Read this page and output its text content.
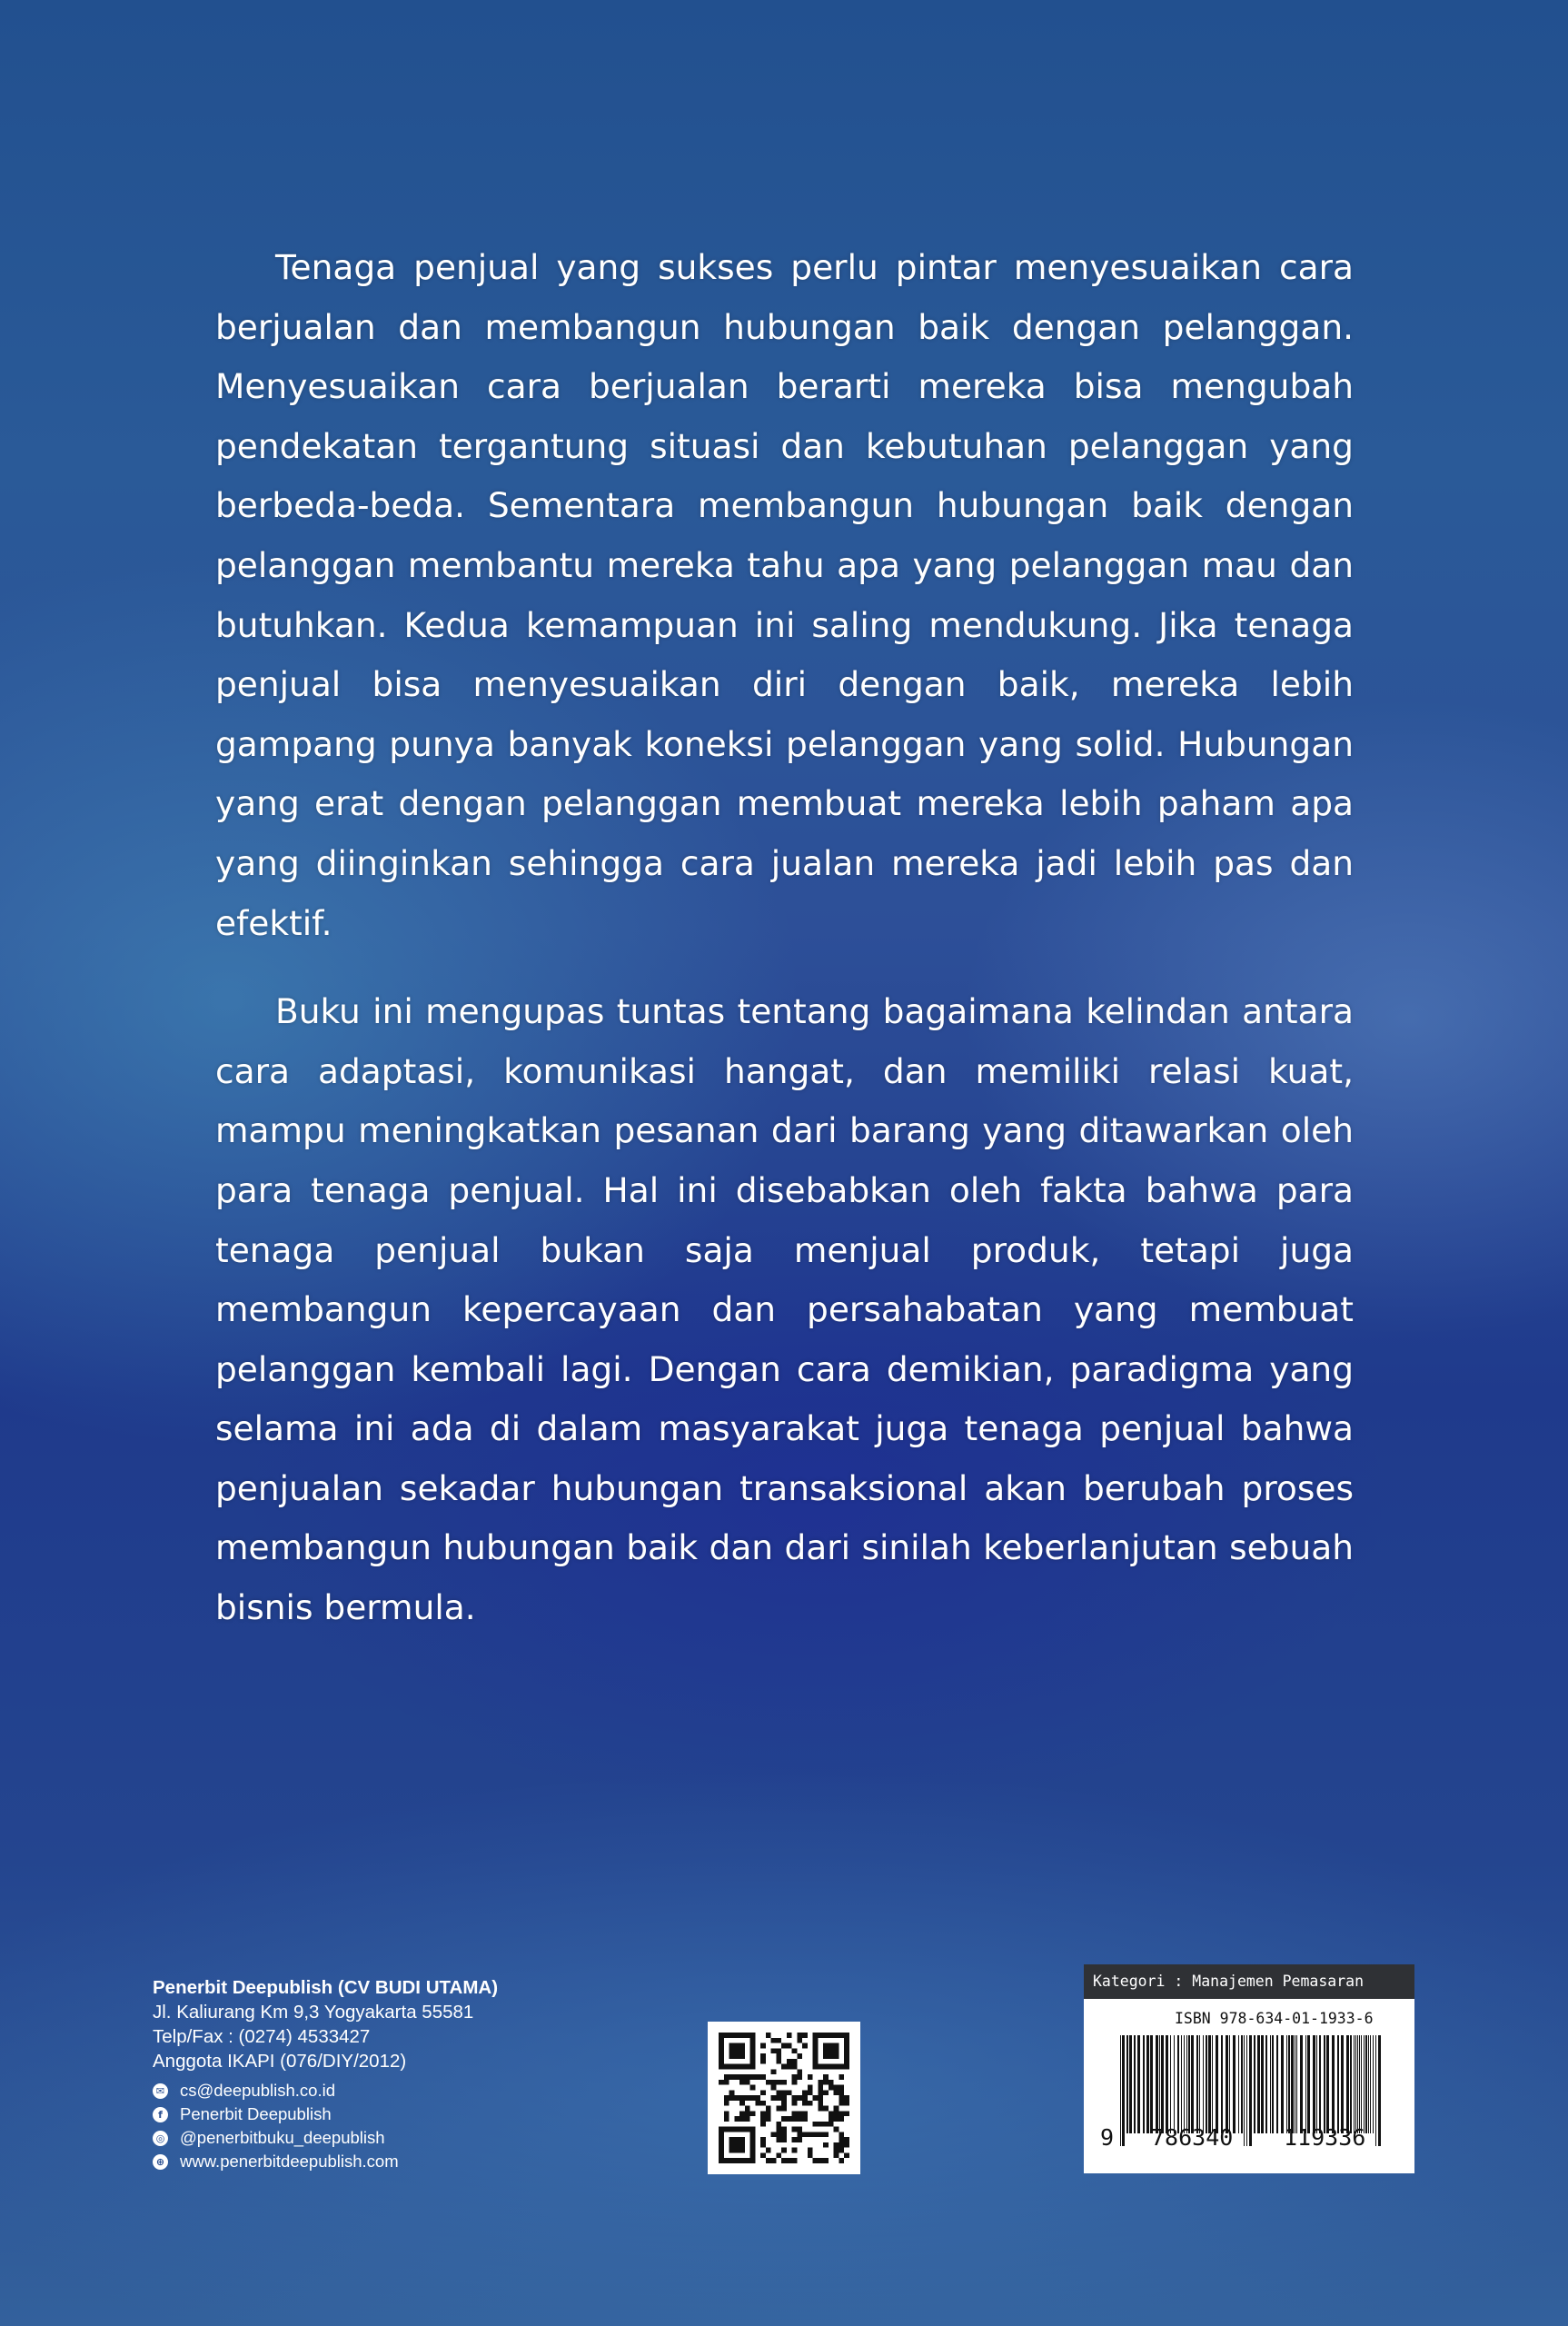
Tenaga penjual yang sukses perlu pintar menyesuaikan cara berjualan dan membangun hubungan baik dengan pelanggan. Menyesuaikan cara berjualan berarti mereka bisa mengubah pendekatan tergantung situasi dan kebutuhan pelanggan yang berbeda-beda. Sementara membangun hubungan baik dengan pelanggan membantu mereka tahu apa yang pelanggan mau dan butuhkan. Kedua kemampuan ini saling mendukung. Jika tenaga penjual bisa menyesuaikan diri dengan baik, mereka lebih gampang punya banyak koneksi pelanggan yang solid. Hubungan yang erat dengan pelanggan membuat mereka lebih paham apa yang diinginkan sehingga cara jualan mereka jadi lebih pas dan efektif.

Buku ini mengupas tuntas tentang bagaimana kelindan antara cara adaptasi, komunikasi hangat, dan memiliki relasi kuat, mampu meningkatkan pesanan dari barang yang ditawarkan oleh para tenaga penjual. Hal ini disebabkan oleh fakta bahwa para tenaga penjual bukan saja menjual produk, tetapi juga membangun kepercayaan dan persahabatan yang membuat pelanggan kembali lagi. Dengan cara demikian, paradigma yang selama ini ada di dalam masyarakat juga tenaga penjual bahwa penjualan sekadar hubungan transaksional akan berubah proses membangun hubungan baik dan dari sinilah keberlanjutan sebuah bisnis bermula.

Penerbit Deepublish (CV BUDI UTAMA)
Jl. Kaliurang Km 9,3 Yogyakarta 55581
Telp/Fax : (0274) 4533427
Anggota IKAPI (076/DIY/2012)
✉ cs@deepublish.co.id
f	Penerbit Deepublish
◎ @penerbitbuku_deepublish
⊕ www.penerbitdeepublish.com
Kategori : Manajemen Pemasaran
ISBN 978-634-01-1933-6
9 786340 119336
